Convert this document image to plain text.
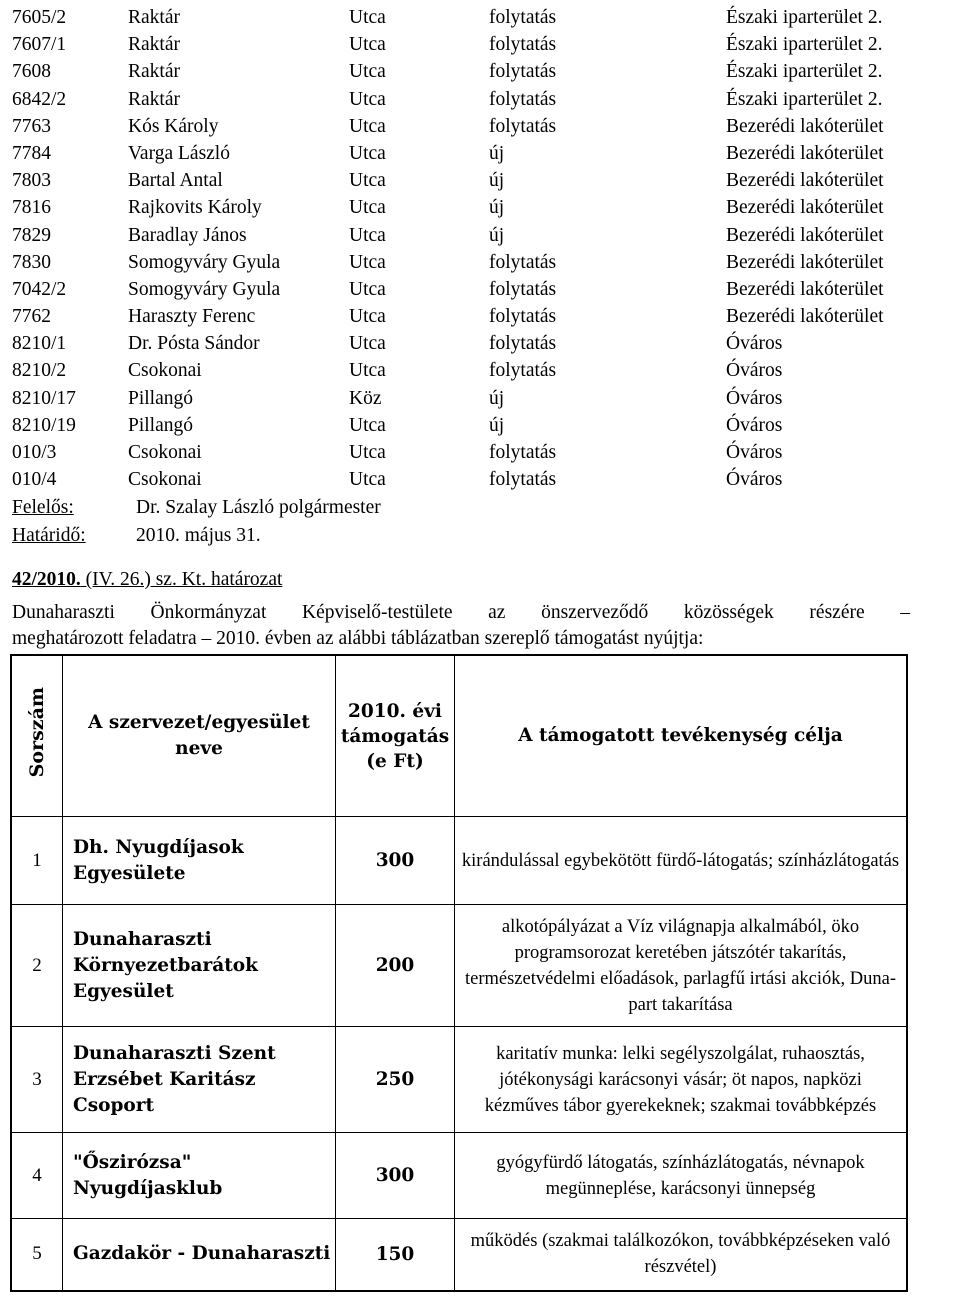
7605/2	Raktár	Utca	folytatás	Északi iparterület 2.
7607/1	Raktár	Utca	folytatás	Északi iparterület 2.
7608	Raktár	Utca	folytatás	Északi iparterület 2.
6842/2	Raktár	Utca	folytatás	Északi iparterület 2.
7763	Kós Károly	Utca	folytatás	Bezerédi lakóterület
7784	Varga László	Utca	új	Bezerédi lakóterület
7803	Bartal Antal	Utca	új	Bezerédi lakóterület
7816	Rajkovits Károly	Utca	új	Bezerédi lakóterület
7829	Baradlay János	Utca	új	Bezerédi lakóterület
7830	Somogyváry Gyula	Utca	folytatás	Bezerédi lakóterület
7042/2	Somogyváry Gyula	Utca	folytatás	Bezerédi lakóterület
7762	Haraszty Ferenc	Utca	folytatás	Bezerédi lakóterület
8210/1	Dr. Pósta Sándor	Utca	folytatás	Óváros
8210/2	Csokonai	Utca	folytatás	Óváros
8210/17	Pillangó	Köz	új	Óváros
8210/19	Pillangó	Utca	új	Óváros
010/3	Csokonai	Utca	folytatás	Óváros
010/4	Csokonai	Utca	folytatás	Óváros
Felelős:	Dr. Szalay László polgármester
Határidő:	2010. május 31.
42/2010. (IV. 26.) sz. Kt. határozat
Dunaharaszti Önkormányzat Képviselő-testülete az önszerveződő közösségek részére –
meghatározott feladatra – 2010. évben az alábbi táblázatban szereplő támogatást nyújtja:
Sorszám	A szervezet/egyesület neve	2010. évi támogatás (e Ft)	A támogatott tevékenység célja
1	Dh. Nyugdíjasok Egyesülete	300	kirándulással egybekötött fürdő-látogatás; színházlátogatás
2	Dunaharaszti Környezetbarátok Egyesület	200	alkotópályázat a Víz világnapja alkalmából, öko programsorozat keretében játszótér takarítás, természetvédelmi előadások, parlagfű irtási akciók, Duna-part takarítása
3	Dunaharaszti Szent Erzsébet Karitász Csoport	250	karitatív munka: lelki segélyszolgálat, ruhaosztás, jótékonysági karácsonyi vásár; öt napos, napközi kézműves tábor gyerekeknek; szakmai továbbképzés
4	"Őszirózsa" Nyugdíjasklub	300	gyógyfürdő látogatás, színházlátogatás, névnapok megünneplése, karácsonyi ünnepség
5	Gazdakör - Dunaharaszti	150	működés (szakmai találkozókon, továbbképzéseken való részvétel)
